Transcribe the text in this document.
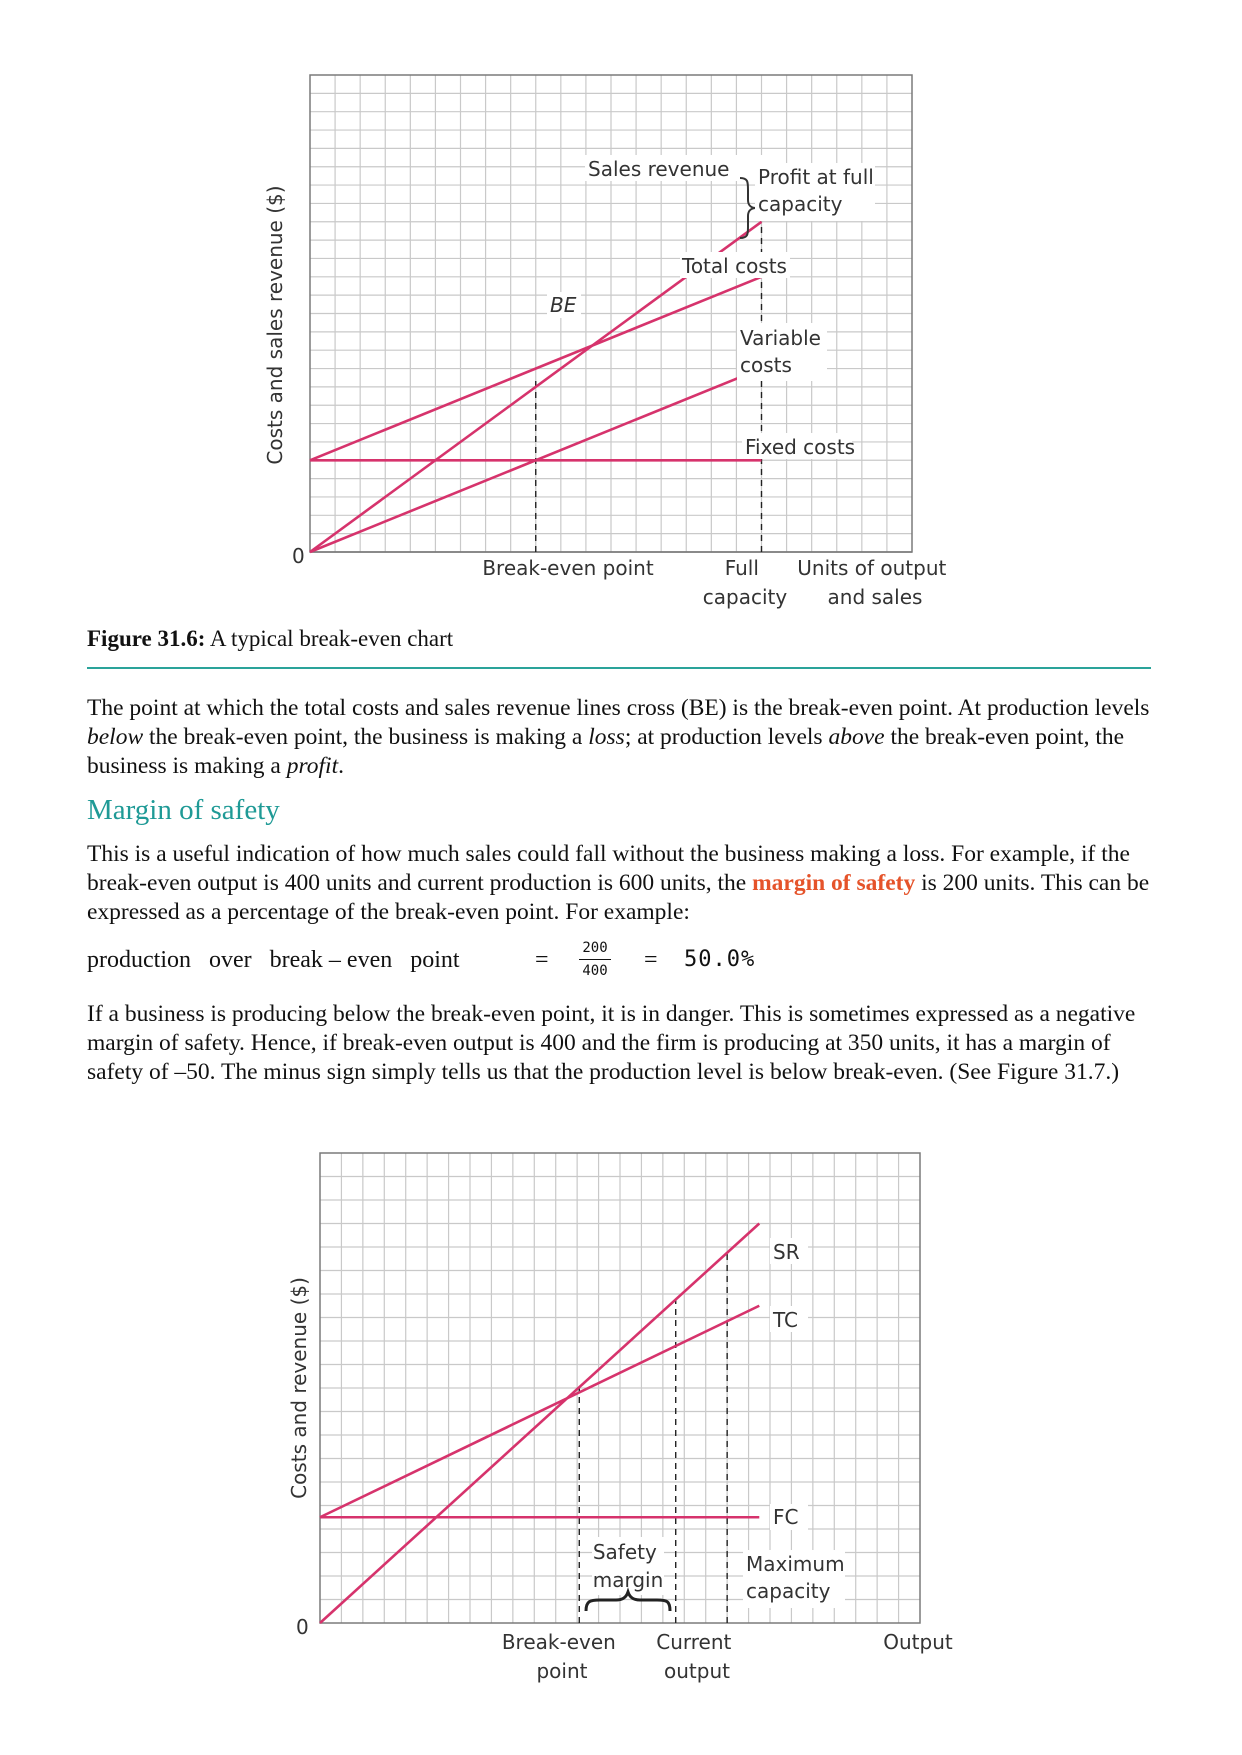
Costs and sales revenue ($)
0
Sales revenue
Total costs
BE
Profit at full capacity
Variable costs
Fixed costs
Break-even point	Full capacity
Units of output and sales
Figure 31.6: A typical break-even chart

The point at which the total costs and sales revenue lines cross (BE) is the break-even point. At production levels below the break-even point, the business is making a loss; at production levels above the break-even point, the business is making a profit.

Margin of safety

This is a useful indication of how much sales could fall without the business making a loss. For example, if the break-even output is 400 units and current production is 600 units, the margin of safety is 200 units. This can be expressed as a percentage of the break-even point. For example:

production   over   break – even   point	=	200
400	= 50.0%

If a business is producing below the break-even point, it is in danger. This is sometimes expressed as a negative margin of safety. Hence, if break-even output is 400 and the firm is producing at 350 units, it has a margin of safety of –50. The minus sign simply tells us that the production level is below break-even. (See Figure 31.7.)

Costs and revenue ($)
0
SR
TC
FC
Safety margin
Maximum capacity
Break-even point
Current output
Output
